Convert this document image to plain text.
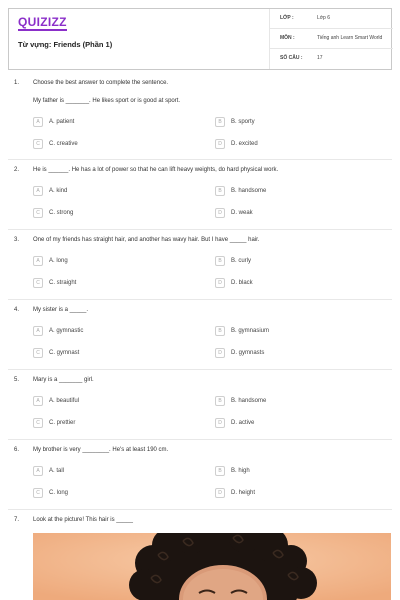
QUIZIZZ
Từ vựng: Friends (Phần 1)
LỚP :	Lớp 6
MÔN :	Tiếng anh Learn Smart World
SỐ CÂU :	17
1. Choose the best answer to complete the sentence.
My father is _______. He likes sport or is good at sport.
A	A. patient	B	B. sporty
C	C. creative	D	D. excited
2. He is ______. He has a lot of power so that he can lift heavy weights, do hard physical work.
A	A. kind	B	B. handsome
C	C. strong	D	D. weak
3. One of my friends has straight hair, and another has wavy hair. But I have _____ hair.
A	A. long	B	B. curly
C	C. straight	D	D. black
4. My sister is a _____.
A	A. gymnastic	B	B. gymnasium
C	C. gymnast	D	D. gymnasts
5. Mary is a _______ girl.
A	A. beautiful	B	B. handsome
C	C. prettier	D	D. active
6. My brother is very ________. He's at least 190 cm.
A	A. tall	B	B. high
C	C. long	D	D. height
7. Look at the picture! This hair is _____
